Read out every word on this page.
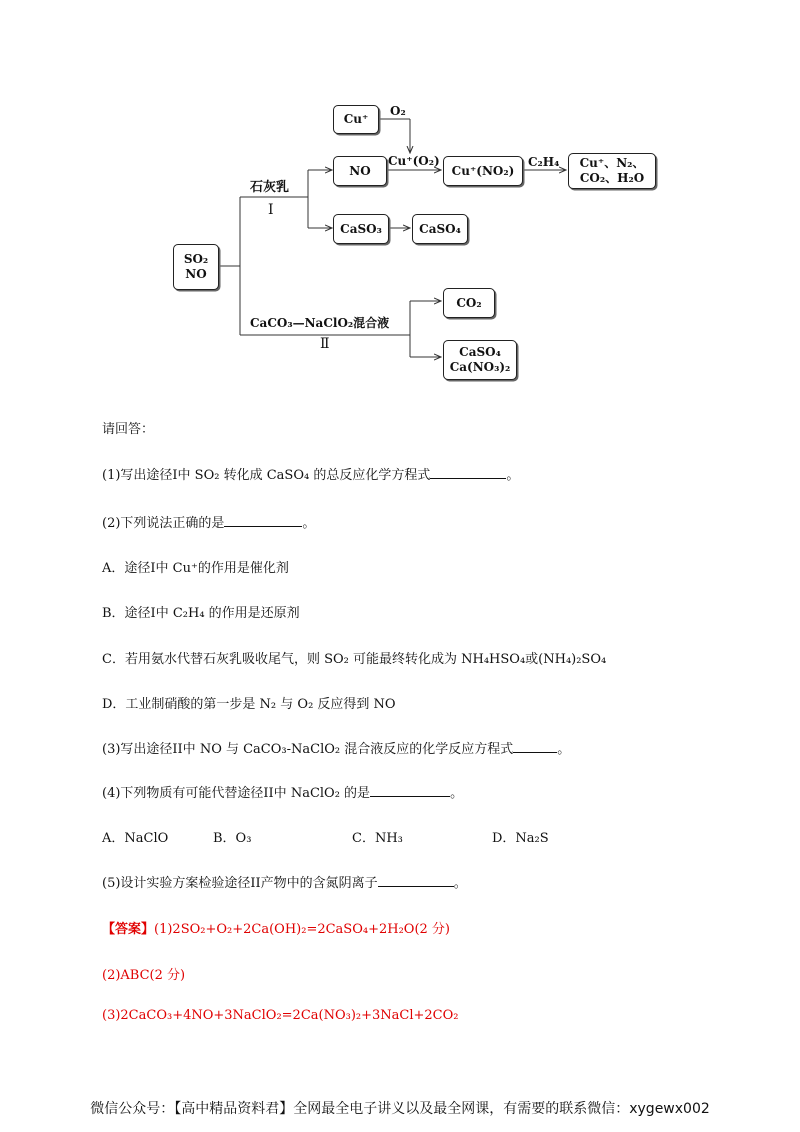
SO₂
NO
Cu⁺
NO	Cu⁺(NO₂)
Cu⁺、N₂、
CO₂、H₂O
CaSO₃	CaSO₄
CO₂
CaSO₄
Ca(NO₃)₂
O₂
Cu⁺(O₂)	C₂H₄
石灰乳
Ⅰ
CaCO₃—NaClO₂混合液
Ⅱ
请回答：
(1)写出途径I中 SO₂ 转化成 CaSO₄ 的总反应化学方程式	。
(2)下列说法正确的是	。
A．途径I中 Cu⁺的作用是催化剂
B．途径I中 C₂H₄ 的作用是还原剂
C．若用氨水代替石灰乳吸收尾气，则 SO₂ 可能最终转化成为 NH₄HSO₄或(NH₄)₂SO₄
D．工业制硝酸的第一步是 N₂ 与 O₂ 反应得到 NO
(3)写出途径II中 NO 与 CaCO₃-NaClO₂ 混合液反应的化学反应方程式	。
(4)下列物质有可能代替途径II中 NaClO₂ 的是	。
A．NaClO	B．O₃	C．NH₃	D．Na₂S
(5)设计实验方案检验途径II产物中的含氮阴离子	。
【答案】(1)2SO₂+O₂+2Ca(OH)₂=2CaSO₄+2H₂O(2 分)
(2)ABC(2 分)
(3)2CaCO₃+4NO+3NaClO₂=2Ca(NO₃)₂+3NaCl+2CO₂
微信公众号：【高中精品资料君】全网最全电子讲义以及最全网课，有需要的联系微信：xygewx002
